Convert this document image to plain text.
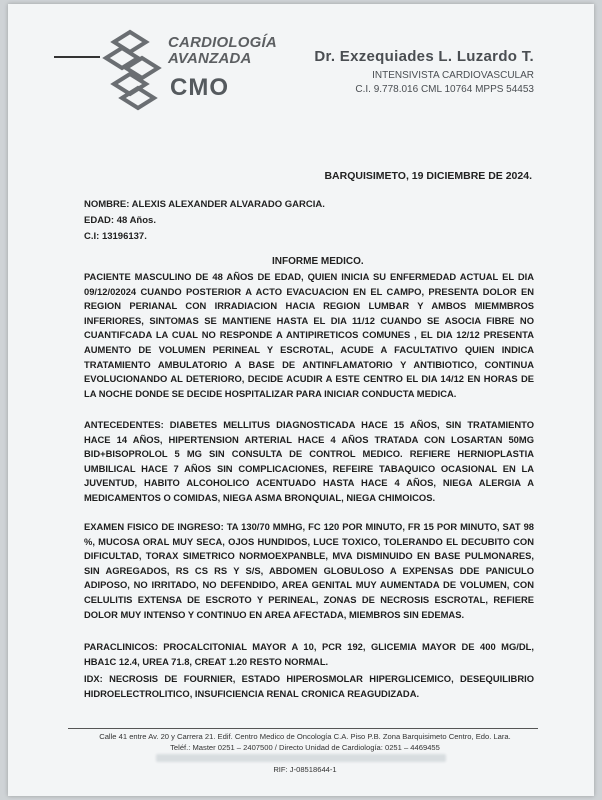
CARDIOLOGÍA
AVANZADA
CMO
Dr. Exzequiades L. Luzardo T.
INTENSIVISTA CARDIOVASCULAR
C.I. 9.778.016 CML 10764 MPPS 54453
BARQUISIMETO, 19 DICIEMBRE DE 2024.
NOMBRE: ALEXIS ALEXANDER ALVARADO GARCIA.
EDAD: 48 Años.
C.I: 13196137.
INFORME MEDICO.
PACIENTE MASCULINO DE 48 AÑOS DE EDAD, QUIEN INICIA SU ENFERMEDAD ACTUAL EL DIA 09/12/02024 CUANDO POSTERIOR A ACTO EVACUACION EN EL CAMPO, PRESENTA DOLOR EN REGION PERIANAL CON IRRADIACION HACIA REGION LUMBAR Y AMBOS MIEMMBROS INFERIORES, SINTOMAS SE MANTIENE HASTA EL DIA 11/12 CUANDO SE ASOCIA FIBRE NO CUANTIFCADA LA CUAL NO RESPONDE A ANTIPIRETICOS COMUNES , EL DIA 12/12 PRESENTA AUMENTO DE VOLUMEN PERINEAL Y ESCROTAL, ACUDE A FACULTATIVO QUIEN INDICA TRATAMIENTO AMBULATORIO A BASE DE ANTINFLAMATORIO Y ANTIBIOTICO, CONTINUA EVOLUCIONANDO AL DETERIORO, DECIDE ACUDIR A ESTE CENTRO EL DIA 14/12 EN HORAS DE LA NOCHE DONDE SE DECIDE HOSPITALIZAR PARA INICIAR CONDUCTA MEDICA.
ANTECEDENTES: DIABETES MELLITUS DIAGNOSTICADA HACE 15 AÑOS, SIN TRATAMIENTO HACE 14 AÑOS, HIPERTENSION ARTERIAL HACE 4 AÑOS TRATADA CON LOSARTAN 50MG BID+BISOPROLOL 5 MG SIN CONSULTA DE CONTROL MEDICO. REFIERE HERNIOPLASTIA UMBILICAL HACE 7 AÑOS SIN COMPLICACIONES, REFEIRE TABAQUICO OCASIONAL EN LA JUVENTUD, HABITO ALCOHOLICO ACENTUADO HASTA HACE 4 AÑOS, NIEGA ALERGIA A MEDICAMENTOS O COMIDAS, NIEGA ASMA BRONQUIAL, NIEGA CHIMOICOS.
EXAMEN FISICO DE INGRESO: TA 130/70 MMHG, FC 120 POR MINUTO, FR 15 POR MINUTO, SAT 98 %, MUCOSA ORAL MUY SECA, OJOS HUNDIDOS, LUCE TOXICO, TOLERANDO EL DECUBITO CON DIFICULTAD, TORAX SIMETRICO NORMOEXPANBLE, MVA DISMINUIDO EN BASE PULMONARES, SIN AGREGADOS, RS CS RS Y S/S, ABDOMEN GLOBULOSO A EXPENSAS DDE PANICULO ADIPOSO, NO IRRITADO, NO DEFENDIDO, AREA GENITAL MUY AUMENTADA DE VOLUMEN, CON CELULITIS EXTENSA DE ESCROTO Y PERINEAL, ZONAS DE NECROSIS ESCROTAL, REFIERE DOLOR MUY INTENSO Y CONTINUO EN AREA AFECTADA, MIEMBROS SIN EDEMAS.
PARACLINICOS: PROCALCITONIAL MAYOR A 10, PCR 192, GLICEMIA MAYOR DE 400 MG/DL, HBA1C 12.4, UREA 71.8, CREAT 1.20 RESTO NORMAL.
IDX: NECROSIS DE FOURNIER, ESTADO HIPEROSMOLAR HIPERGLICEMICO, DESEQUILIBRIO HIDROELECTROLITICO, INSUFICIENCIA RENAL CRONICA REAGUDIZADA.
Calle 41 entre Av. 20 y Carrera 21. Edif. Centro Medico de Oncología C.A. Piso P.B. Zona Barquisimeto Centro, Edo. Lara.
Teléf.: Master 0251 – 2407500 / Directo Unidad de Cardiología: 0251 – 4469455
RIF: J-08518644-1
